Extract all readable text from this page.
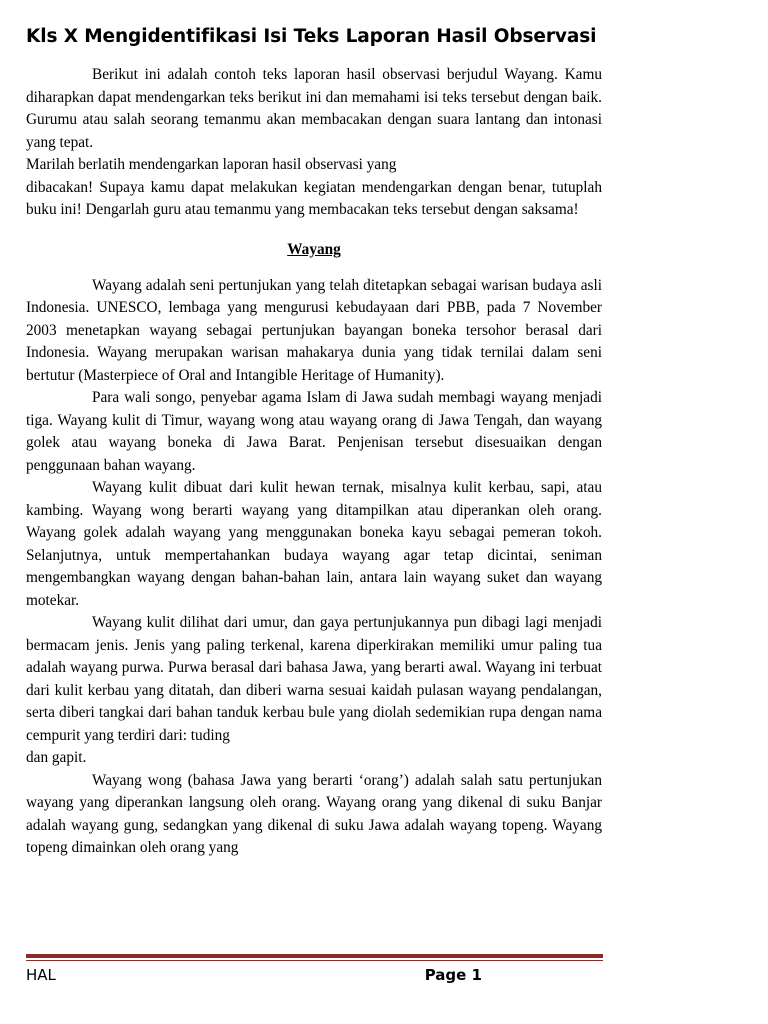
Kls X Mengidentifikasi Isi Teks Laporan Hasil Observasi

Berikut ini adalah contoh teks laporan hasil observasi berjudul Wayang. Kamu diharapkan dapat mendengarkan teks berikut ini dan memahami isi teks tersebut dengan baik. Gurumu atau salah seorang temanmu akan membacakan dengan suara lantang dan intonasi yang tepat.

Marilah berlatih mendengarkan laporan hasil observasi yang

dibacakan! Supaya kamu dapat melakukan kegiatan mendengarkan dengan benar, tutuplah buku ini! Dengarlah guru atau temanmu yang membacakan teks tersebut dengan saksama!

Wayang

Wayang adalah seni pertunjukan yang telah ditetapkan sebagai warisan budaya asli Indonesia. UNESCO, lembaga yang mengurusi kebudayaan dari PBB, pada 7 November 2003 menetapkan wayang sebagai pertunjukan bayangan boneka tersohor berasal dari Indonesia. Wayang merupakan warisan mahakarya dunia yang tidak ternilai dalam seni bertutur (Masterpiece of Oral and Intangible Heritage of Humanity).

Para wali songo, penyebar agama Islam di Jawa sudah membagi wayang menjadi tiga. Wayang kulit di Timur, wayang wong atau wayang orang di Jawa Tengah, dan wayang golek atau wayang boneka di Jawa Barat. Penjenisan tersebut disesuaikan dengan penggunaan bahan wayang.

Wayang kulit dibuat dari kulit hewan ternak, misalnya kulit kerbau, sapi, atau kambing. Wayang wong berarti wayang yang ditampilkan atau diperankan oleh orang. Wayang golek adalah wayang yang menggunakan boneka kayu sebagai pemeran tokoh. Selanjutnya, untuk mempertahankan budaya wayang agar tetap dicintai, seniman mengembangkan wayang dengan bahan-bahan lain, antara lain wayang suket dan wayang motekar.

Wayang kulit dilihat dari umur, dan gaya pertunjukannya pun dibagi lagi menjadi bermacam jenis. Jenis yang paling terkenal, karena diperkirakan memiliki umur paling tua adalah wayang purwa. Purwa berasal dari bahasa Jawa, yang berarti awal. Wayang ini terbuat dari kulit kerbau yang ditatah, dan diberi warna sesuai kaidah pulasan wayang pendalangan, serta diberi tangkai dari bahan tanduk kerbau bule yang diolah sedemikian rupa dengan nama cempurit yang terdiri dari: tuding

dan gapit.

Wayang wong (bahasa Jawa yang berarti ‘orang’) adalah salah satu pertunjukan wayang yang diperankan langsung oleh orang. Wayang orang yang dikenal di suku Banjar adalah wayang gung, sedangkan yang dikenal di suku Jawa adalah wayang topeng. Wayang topeng dimainkan oleh orang yang

HAL	Page 1
